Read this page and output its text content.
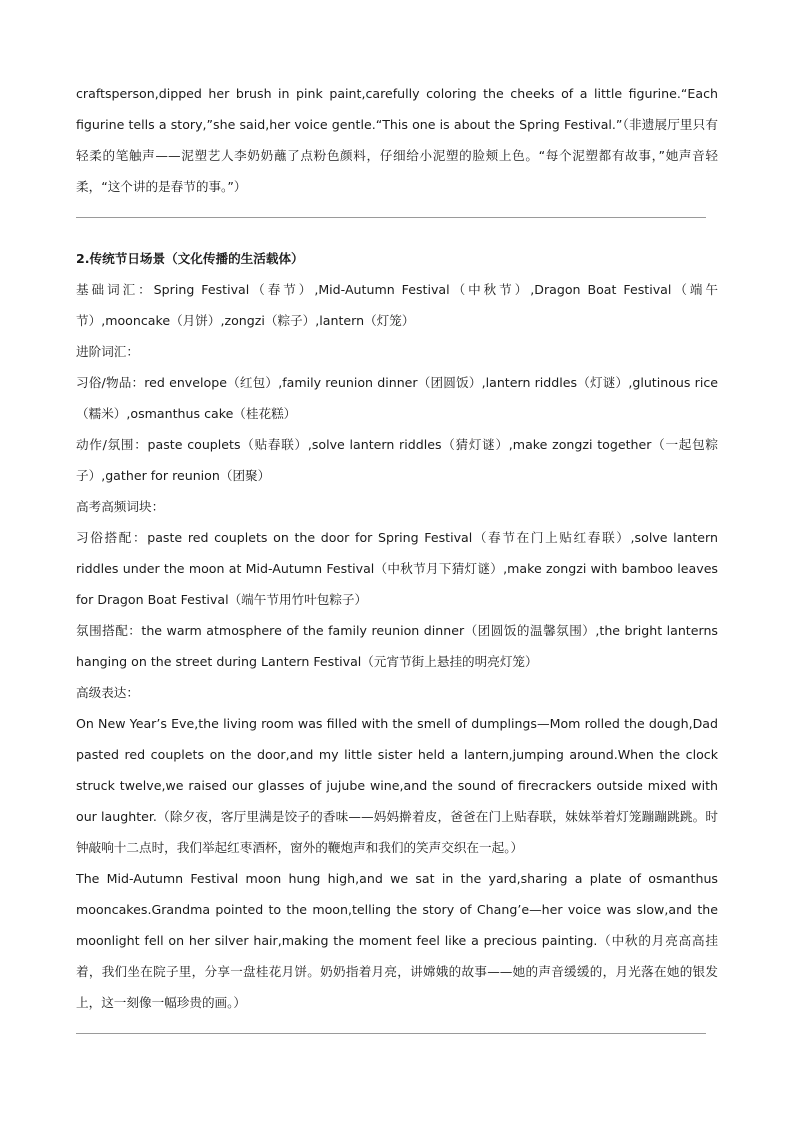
craftsperson,dipped her brush in pink paint,carefully coloring the cheeks of a little figurine.“Each figurine tells a story,”she said,her voice gentle.“This one is about the Spring Festival.”（非遗展厅里只有轻柔的笔触声——泥塑艺人李奶奶蘸了点粉色颜料，仔细给小泥塑的脸颊上色。“每个泥塑都有故事，”她声音轻柔，“这个讲的是春节的事。”）

2.传统节日场景（文化传播的生活载体）

基础词汇：Spring Festival（春节）,Mid-Autumn Festival（中秋节）,Dragon Boat Festival（端午节）,mooncake（月饼）,zongzi（粽子）,lantern（灯笼）

进阶词汇：

习俗/物品：red envelope（红包）,family reunion dinner（团圆饭）,lantern riddles（灯谜）,glutinous rice（糯米）,osmanthus cake（桂花糕）

动作/氛围：paste couplets（贴春联）,solve lantern riddles（猜灯谜）,make zongzi together（一起包粽子）,gather for reunion（团聚）

高考高频词块：

习俗搭配：paste red couplets on the door for Spring Festival（春节在门上贴红春联）,solve lantern riddles under the moon at Mid-Autumn Festival（中秋节月下猜灯谜）,make zongzi with bamboo leaves for Dragon Boat Festival（端午节用竹叶包粽子）

氛围搭配：the warm atmosphere of the family reunion dinner（团圆饭的温馨氛围）,the bright lanterns hanging on the street during Lantern Festival（元宵节街上悬挂的明亮灯笼）

高级表达：

On New Year’s Eve,the living room was filled with the smell of dumplings—Mom rolled the dough,Dad pasted red couplets on the door,and my little sister held a lantern,jumping around.When the clock struck twelve,we raised our glasses of jujube wine,and the sound of firecrackers outside mixed with our laughter.（除夕夜，客厅里满是饺子的香味——妈妈擀着皮，爸爸在门上贴春联，妹妹举着灯笼蹦蹦跳跳。时钟敲响十二点时，我们举起红枣酒杯，窗外的鞭炮声和我们的笑声交织在一起。）

The Mid-Autumn Festival moon hung high,and we sat in the yard,sharing a plate of osmanthus mooncakes.Grandma pointed to the moon,telling the story of Chang’e—her voice was slow,and the moonlight fell on her silver hair,making the moment feel like a precious painting.（中秋的月亮高高挂着，我们坐在院子里，分享一盘桂花月饼。奶奶指着月亮，讲嫦娥的故事——她的声音缓缓的，月光落在她的银发上，这一刻像一幅珍贵的画。）
